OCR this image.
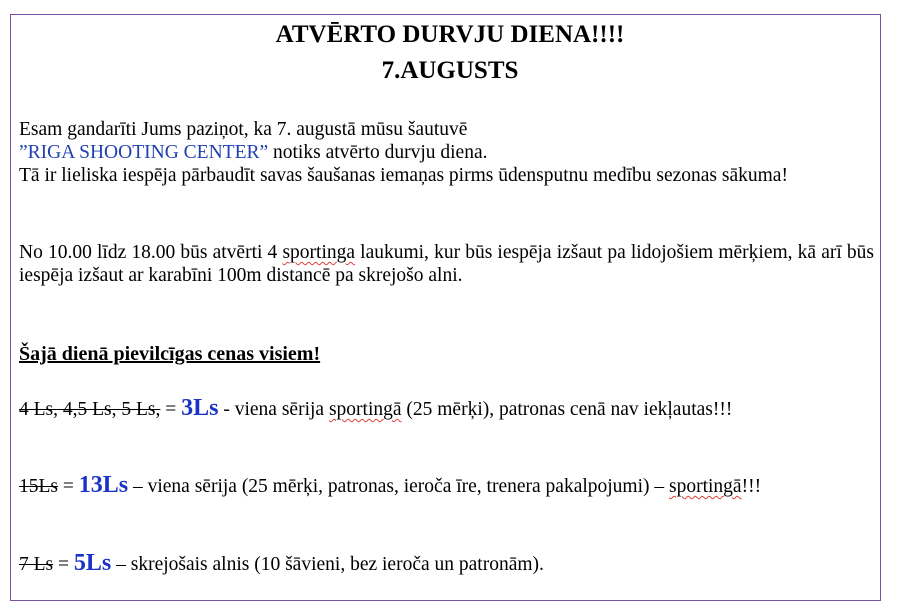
ATVĒRTO DURVJU DIENA!!!!
7.AUGUSTS
Esam gandarīti Jums paziņot, ka 7. augustā mūsu šautuvē
”RIGA SHOOTING CENTER” notiks atvērto durvju diena.
Tā ir lieliska iespēja pārbaudīt savas šaušanas iemaņas pirms ūdensputnu medību sezonas sākuma!
No 10.00 līdz 18.00 būs atvērti 4 sportinga laukumi, kur būs iespēja izšaut pa lidojošiem mērķiem, kā arī būs iespēja izšaut ar karabīni 100m distancē pa skrejošo alni.
Šajā dienā pievilcīgas cenas visiem!
4 Ls, 4,5 Ls, 5 Ls, = 3Ls - viena sērija sportingā (25 mērķi), patronas cenā nav iekļautas!!!
15Ls = 13Ls – viena sērija (25 mērķi, patronas, ieroča īre, trenera pakalpojumi) – sportingā!!!
7 Ls = 5Ls – skrejošais alnis (10 šāvieni, bez ieroča un patronām).
